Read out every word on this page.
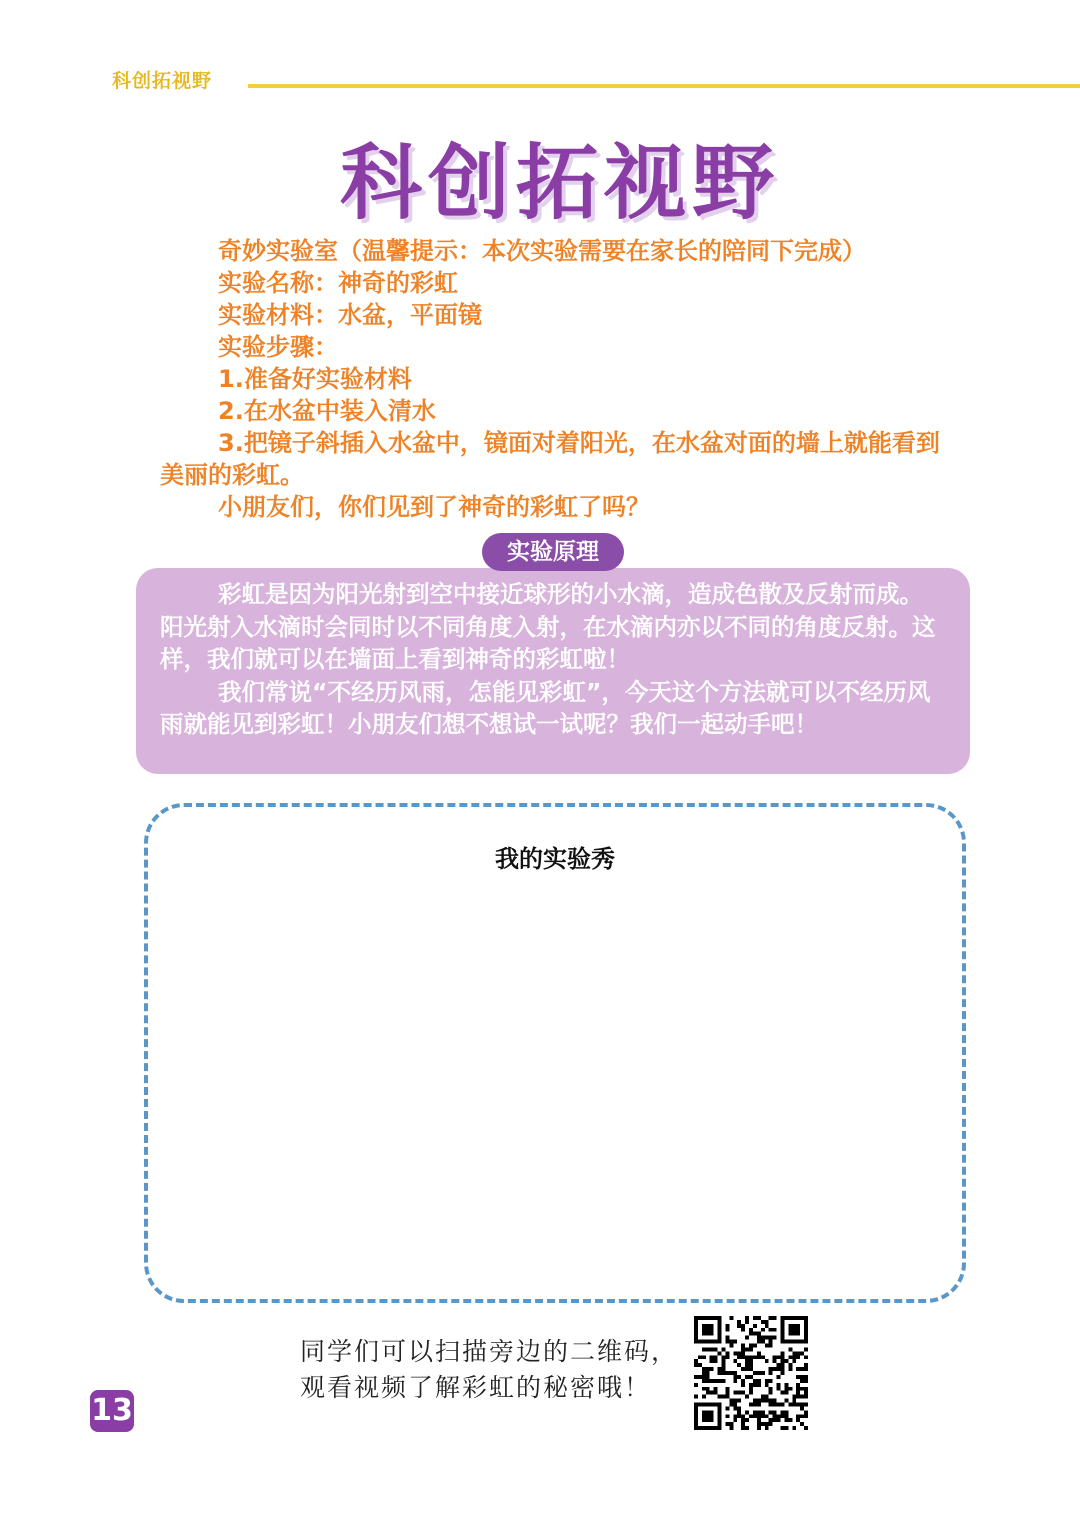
科创拓视野
科创拓视野

奇妙实验室（温馨提示：本次实验需要在家长的陪同下完成）

实验名称：神奇的彩虹

实验材料：水盆，平面镜

实验步骤：

1.准备好实验材料

2.在水盆中装入清水

3.把镜子斜插入水盆中，镜面对着阳光，在水盆对面的墙上就能看到美丽的彩虹。

小朋友们，你们见到了神奇的彩虹了吗？

实验原理

彩虹是因为阳光射到空中接近球形的小水滴，造成色散及反射而成。阳光射入水滴时会同时以不同角度入射，在水滴内亦以不同的角度反射。这样，我们就可以在墙面上看到神奇的彩虹啦！

我们常说“不经历风雨，怎能见彩虹”，今天这个方法就可以不经历风雨就能见到彩虹！小朋友们想不想试一试呢？我们一起动手吧！

我的实验秀

同学们可以扫描旁边的二维码，

观看视频了解彩虹的秘密哦！

13
